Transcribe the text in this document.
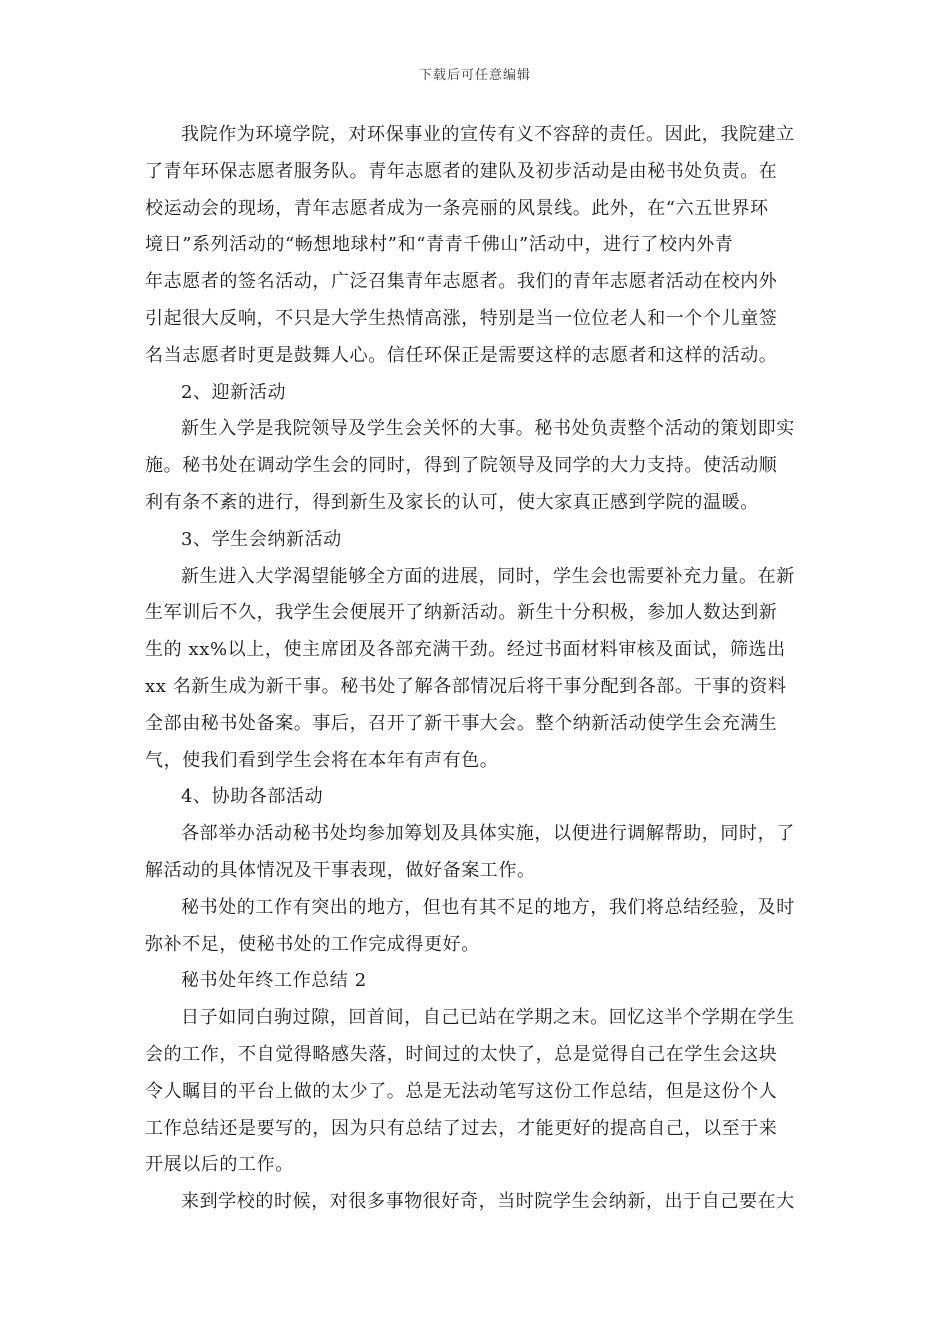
下载后可任意编辑

我院作为环境学院，对环保事业的宣传有义不容辞的责任。因此，我院建立
了青年环保志愿者服务队。青年志愿者的建队及初步活动是由秘书处负责。在
校运动会的现场，青年志愿者成为一条亮丽的风景线。此外，在“六五世界环
境日”系列活动的“畅想地球村”和“青青千佛山”活动中，进行了校内外青
年志愿者的签名活动，广泛召集青年志愿者。我们的青年志愿者活动在校内外
引起很大反响，不只是大学生热情高涨，特别是当一位位老人和一个个儿童签
名当志愿者时更是鼓舞人心。信任环保正是需要这样的志愿者和这样的活动。

2、迎新活动

新生入学是我院领导及学生会关怀的大事。秘书处负责整个活动的策划即实
施。秘书处在调动学生会的同时，得到了院领导及同学的大力支持。使活动顺
利有条不紊的进行，得到新生及家长的认可，使大家真正感到学院的温暖。

3、学生会纳新活动

新生进入大学渴望能够全方面的进展，同时，学生会也需要补充力量。在新
生军训后不久，我学生会便展开了纳新活动。新生十分积极，参加人数达到新
生的 xx%以上，使主席团及各部充满干劲。经过书面材料审核及面试，筛选出
xx 名新生成为新干事。秘书处了解各部情况后将干事分配到各部。干事的资料
全部由秘书处备案。事后，召开了新干事大会。整个纳新活动使学生会充满生
气，使我们看到学生会将在本年有声有色。

4、协助各部活动

各部举办活动秘书处均参加筹划及具体实施，以便进行调解帮助，同时，了
解活动的具体情况及干事表现，做好备案工作。

秘书处的工作有突出的地方，但也有其不足的地方，我们将总结经验，及时
弥补不足，使秘书处的工作完成得更好。

秘书处年终工作总结 2

日子如同白驹过隙，回首间，自己已站在学期之末。回忆这半个学期在学生
会的工作，不自觉得略感失落，时间过的太快了，总是觉得自己在学生会这块
令人瞩目的平台上做的太少了。总是无法动笔写这份工作总结，但是这份个人
工作总结还是要写的，因为只有总结了过去，才能更好的提高自己，以至于来
开展以后的工作。

来到学校的时候，对很多事物很好奇，当时院学生会纳新，出于自己要在大
